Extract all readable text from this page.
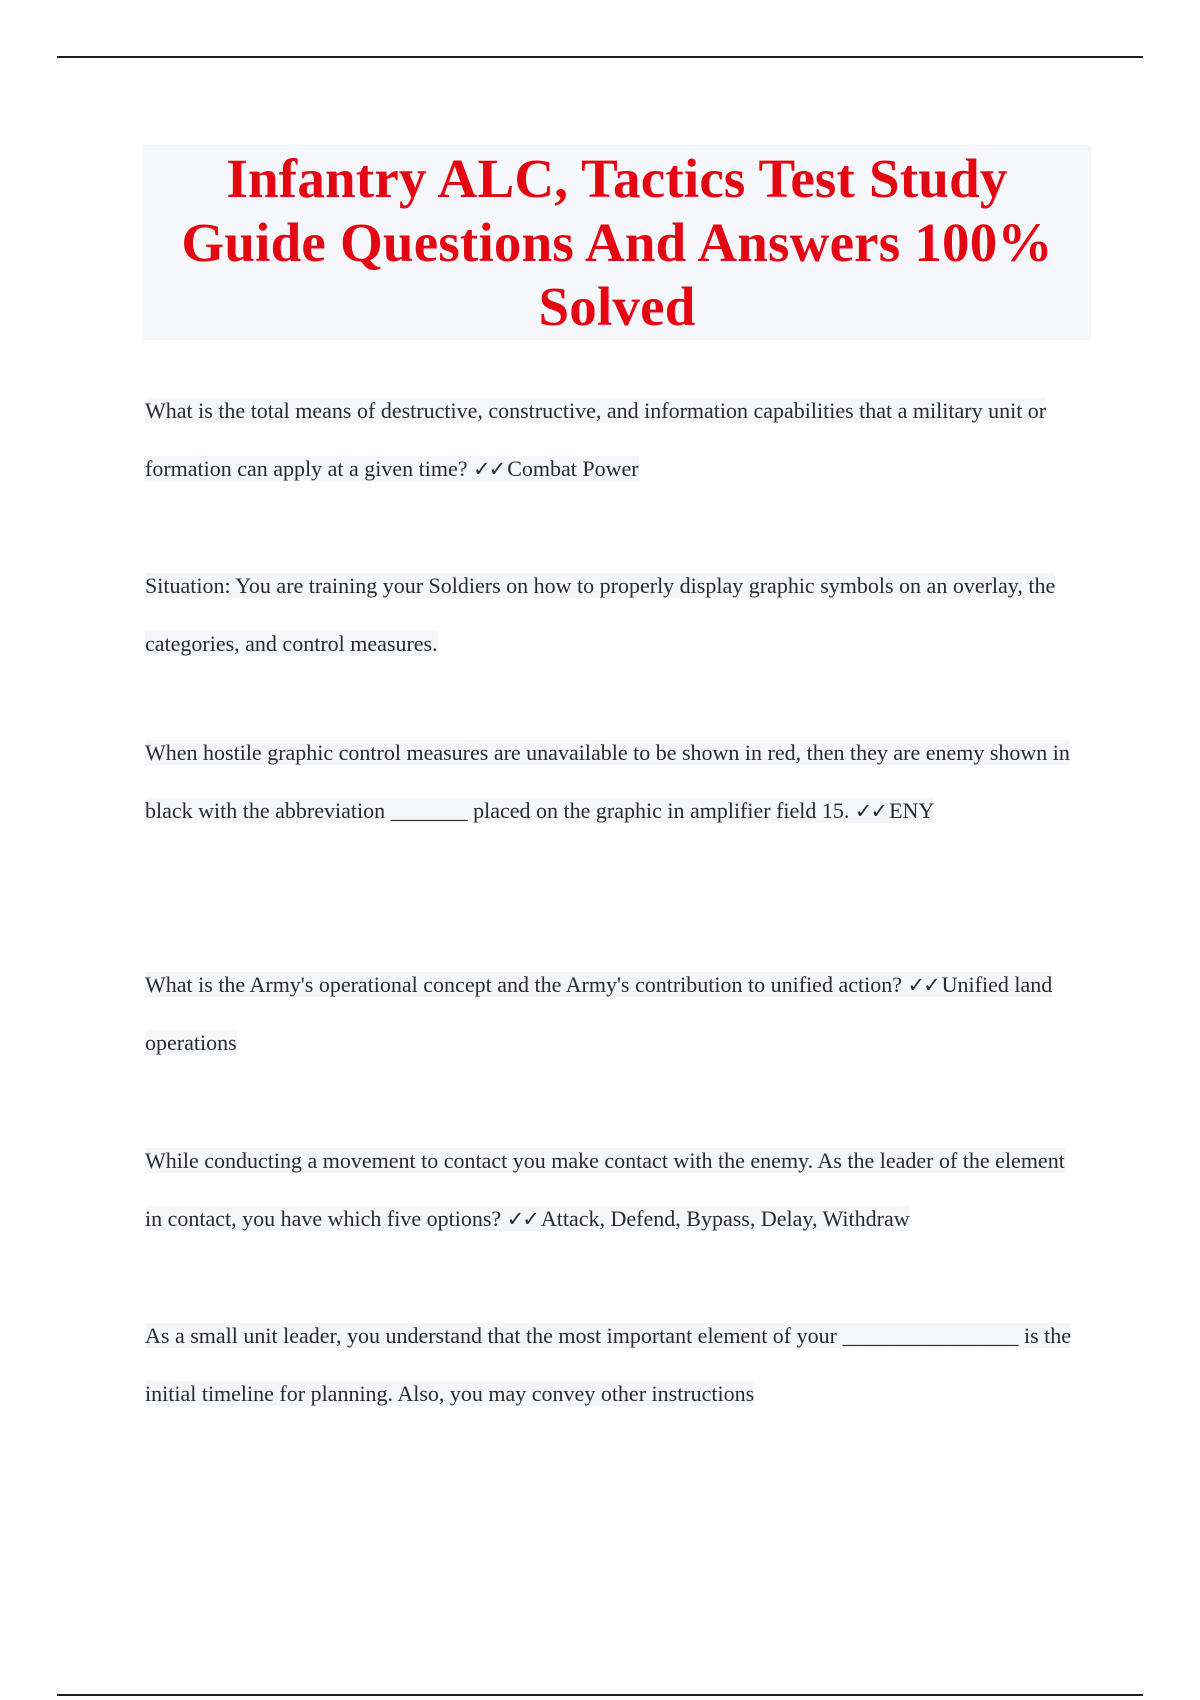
Infantry ALC, Tactics Test Study Guide Questions And Answers 100% Solved

What is the total means of destructive, constructive, and information capabilities that a military unit or formation can apply at a given time? ✓✓ Combat Power

Situation: You are training your Soldiers on how to properly display graphic symbols on an overlay, the categories, and control measures.

When hostile graphic control measures are unavailable to be shown in red, then they are enemy shown in black with the abbreviation _______ placed on the graphic in amplifier field 15. ✓✓ ENY

What is the Army's operational concept and the Army's contribution to unified action? ✓✓ Unified land operations

While conducting a movement to contact you make contact with the enemy. As the leader of the element in contact, you have which five options? ✓✓ Attack, Defend, Bypass, Delay, Withdraw

As a small unit leader, you understand that the most important element of your ________________ is the initial timeline for planning. Also, you may convey other instructions
